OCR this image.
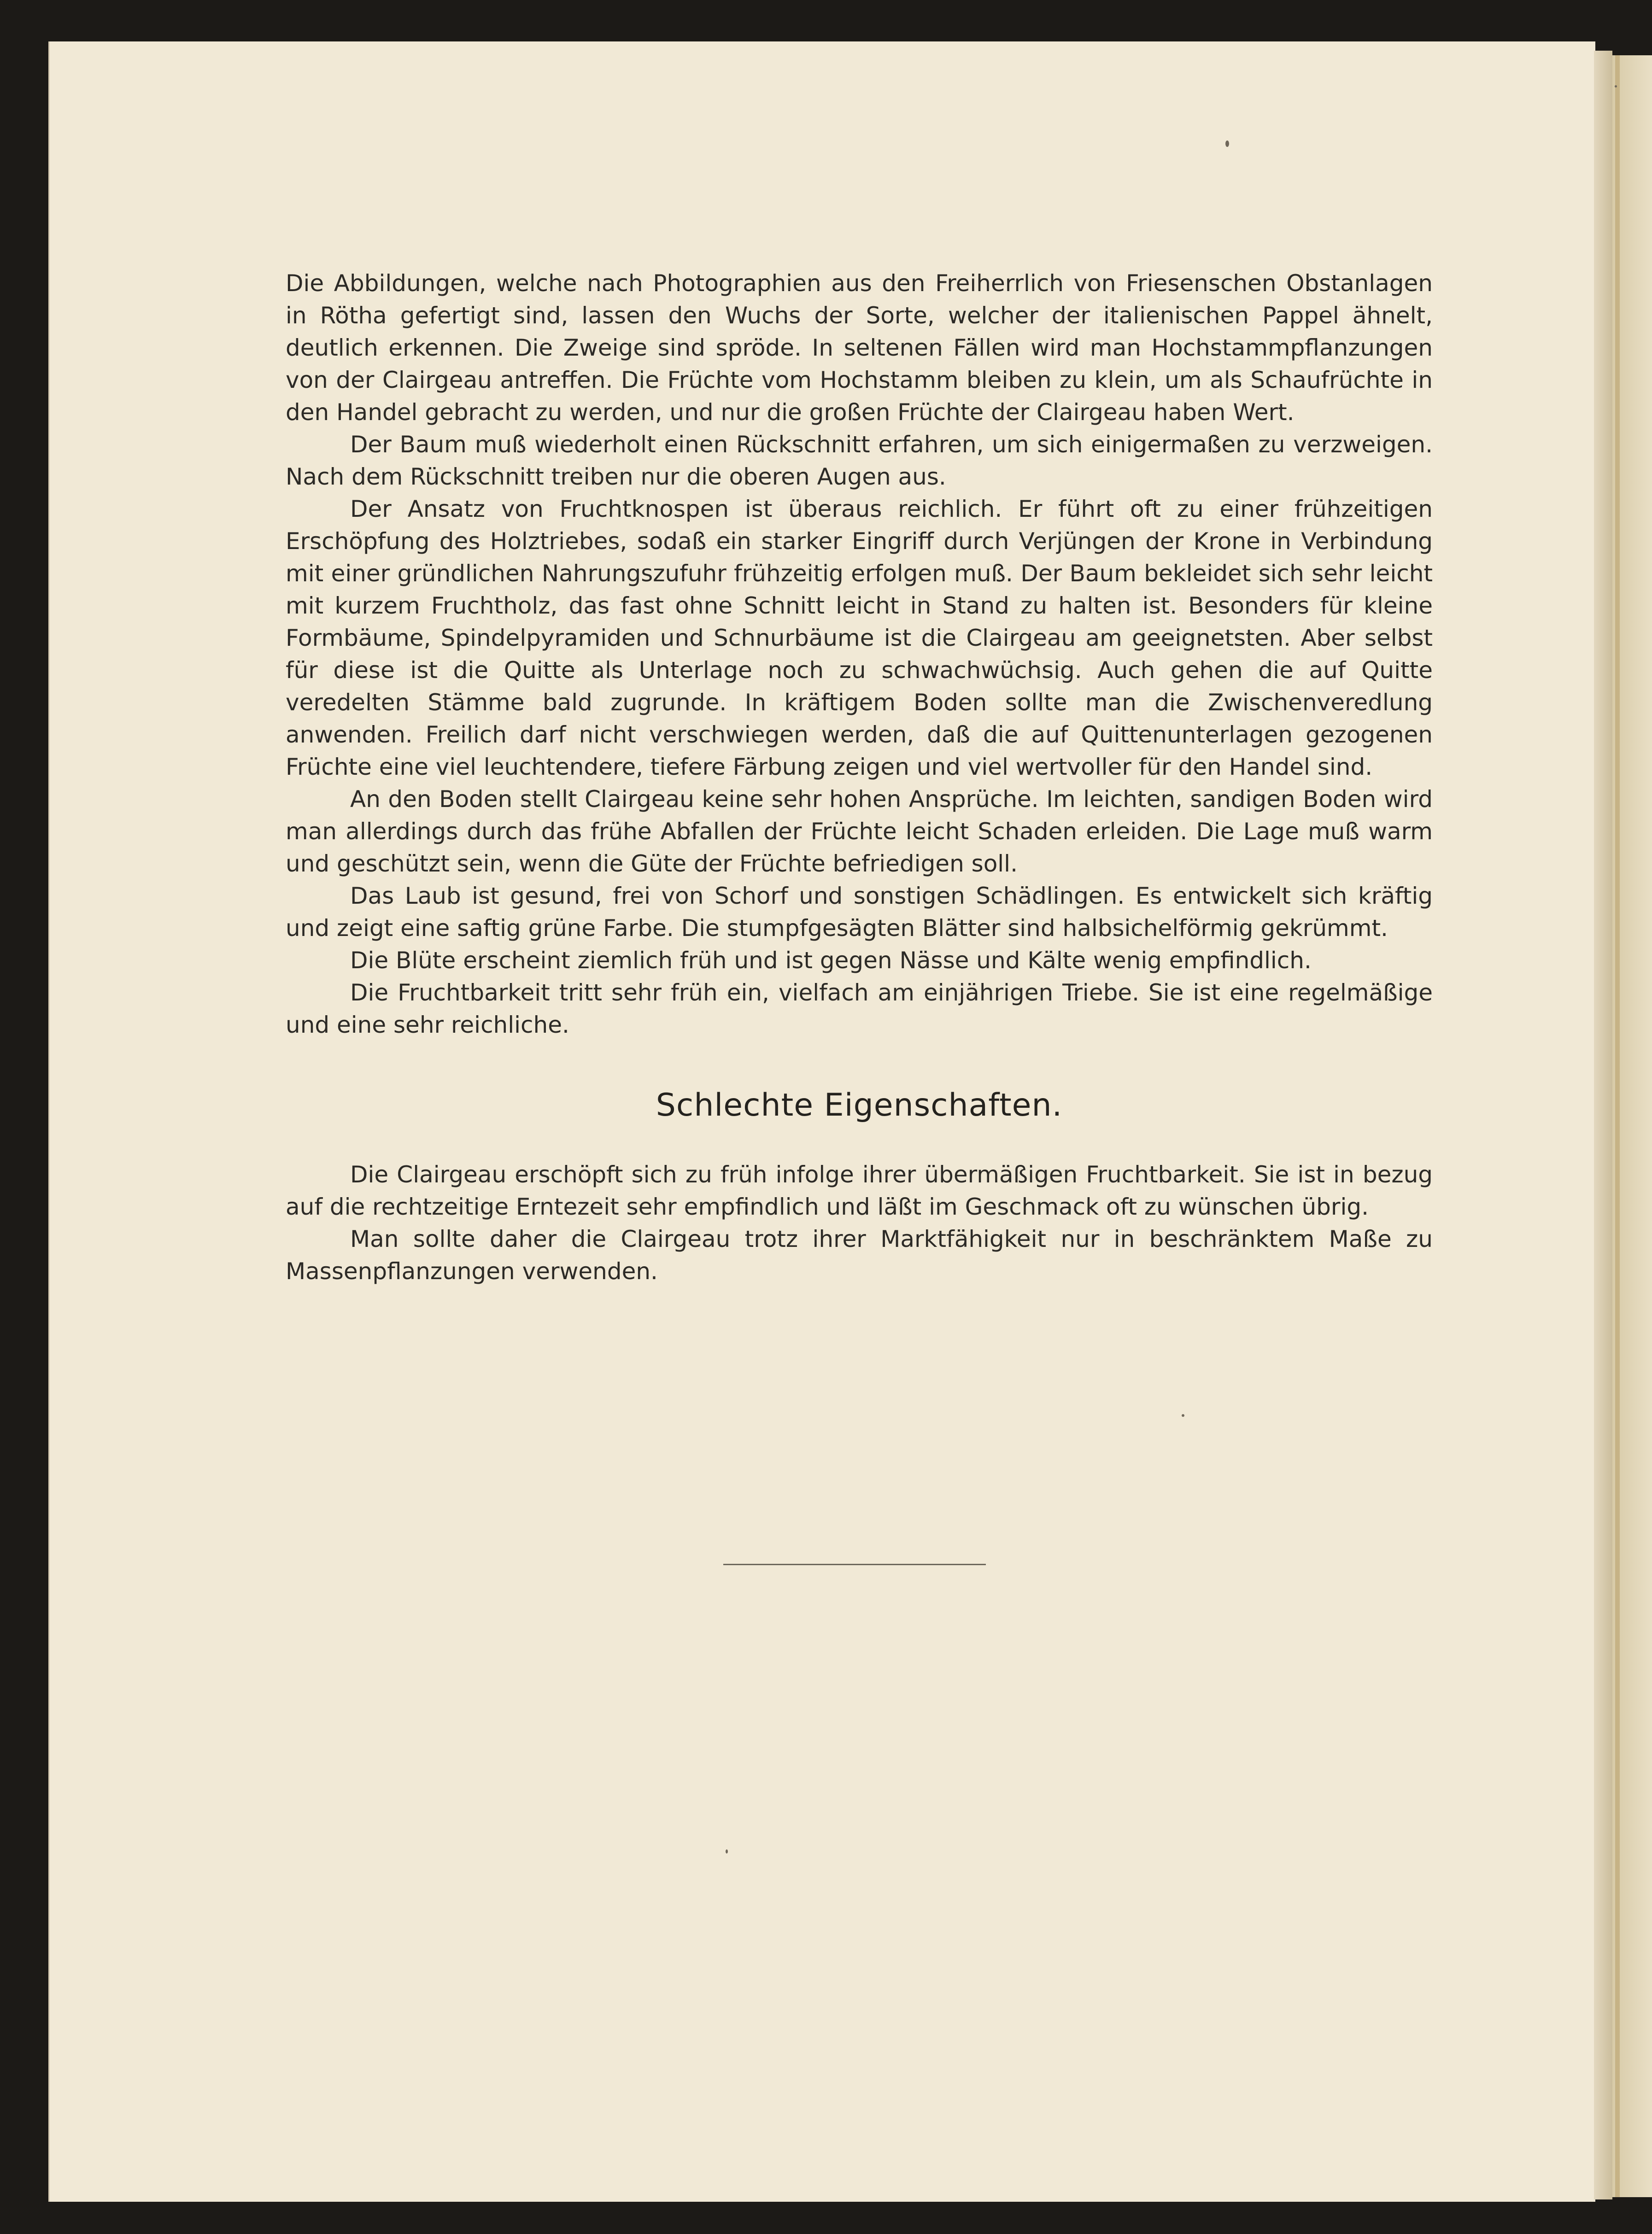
Die Abbildungen, welche nach Photographien aus den Freiherrlich von Friesenschen Obstanlagen in Rötha gefertigt sind, lassen den Wuchs der Sorte, welcher der italienischen Pappel ähnelt, deutlich erkennen. Die Zweige sind spröde. In seltenen Fällen wird man Hochstammpflanzungen von der Clairgeau antreffen. Die Früchte vom Hochstamm bleiben zu klein, um als Schaufrüchte in den Handel gebracht zu werden, und nur die großen Früchte der Clairgeau haben Wert.

Der Baum muß wiederholt einen Rückschnitt erfahren, um sich einigermaßen zu verzweigen. Nach dem Rückschnitt treiben nur die oberen Augen aus.

Der Ansatz von Fruchtknospen ist überaus reichlich. Er führt oft zu einer frühzeitigen Erschöpfung des Holztriebes, sodaß ein starker Eingriff durch Verjüngen der Krone in Verbindung mit einer gründlichen Nahrungszufuhr frühzeitig erfolgen muß. Der Baum bekleidet sich sehr leicht mit kurzem Fruchtholz, das fast ohne Schnitt leicht in Stand zu halten ist. Besonders für kleine Formbäume, Spindelpyramiden und Schnurbäume ist die Clairgeau am geeignetsten. Aber selbst für diese ist die Quitte als Unterlage noch zu schwachwüchsig. Auch gehen die auf Quitte veredelten Stämme bald zugrunde. In kräftigem Boden sollte man die Zwischenveredlung anwenden. Freilich darf nicht verschwiegen werden, daß die auf Quittenunterlagen gezogenen Früchte eine viel leuchtendere, tiefere Färbung zeigen und viel wertvoller für den Handel sind.

An den Boden stellt Clairgeau keine sehr hohen Ansprüche. Im leichten, sandigen Boden wird man allerdings durch das frühe Abfallen der Früchte leicht Schaden erleiden. Die Lage muß warm und geschützt sein, wenn die Güte der Früchte befriedigen soll.

Das Laub ist gesund, frei von Schorf und sonstigen Schädlingen. Es entwickelt sich kräftig und zeigt eine saftig grüne Farbe. Die stumpfgesägten Blätter sind halbsichelförmig gekrümmt.

Die Blüte erscheint ziemlich früh und ist gegen Nässe und Kälte wenig empfindlich.

Die Fruchtbarkeit tritt sehr früh ein, vielfach am einjährigen Triebe. Sie ist eine regelmäßige und eine sehr reichliche.

Schlechte Eigenschaften.

Die Clairgeau erschöpft sich zu früh infolge ihrer übermäßigen Fruchtbarkeit. Sie ist in bezug auf die rechtzeitige Erntezeit sehr empfindlich und läßt im Geschmack oft zu wünschen übrig.

Man sollte daher die Clairgeau trotz ihrer Marktfähigkeit nur in beschränktem Maße zu Massenpflanzungen verwenden.
